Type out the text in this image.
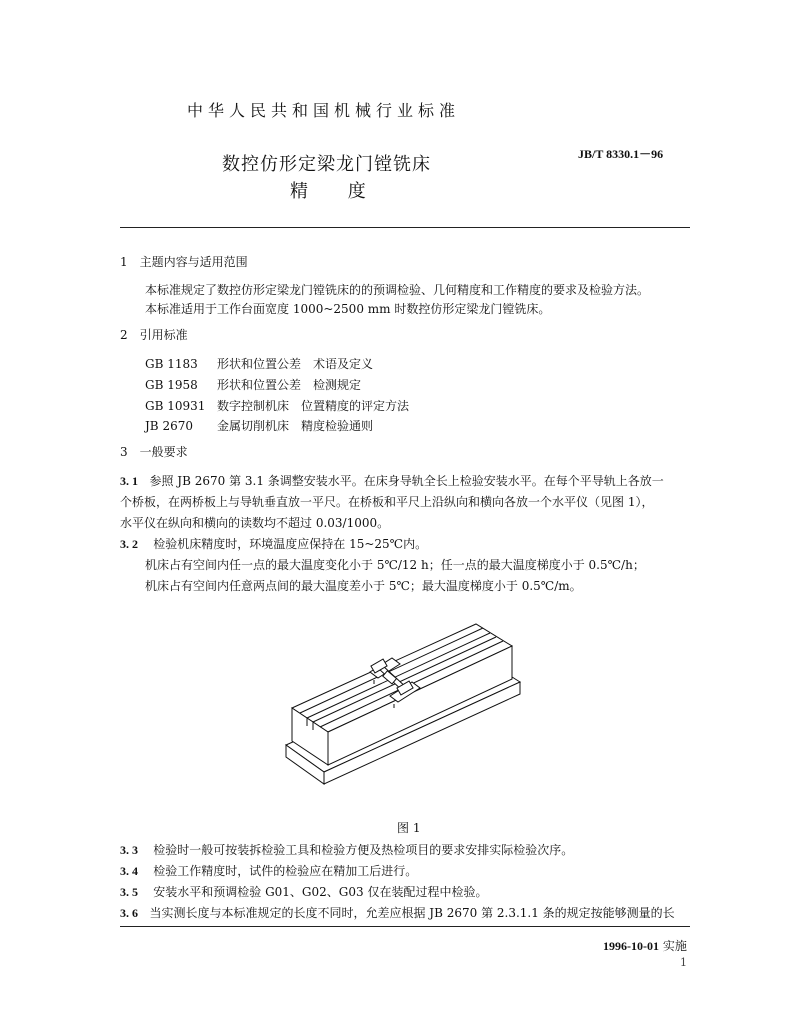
中华人民共和国机械行业标准
JB/T 8330.1－96
数控仿形定梁龙门镗铣床
精 度
1　主题内容与适用范围
本标准规定了数控仿形定梁龙门镗铣床的的预调检验、几何精度和工作精度的要求及检验方法。
本标准适用于工作台面宽度 1000~2500 mm 时数控仿形定梁龙门镗铣床。
2　引用标准
GB 1183 形状和位置公差　术语及定义
GB 1958 形状和位置公差　检测规定
GB 10931 数字控制机床　位置精度的评定方法
JB 2670 金属切削机床　精度检验通则
3　一般要求
3. 1 参照 JB 2670 第 3.1 条调整安装水平。在床身导轨全长上检验安装水平。在每个平导轨上各放一
个桥板，在两桥板上与导轨垂直放一平尺。在桥板和平尺上沿纵向和横向各放一个水平仪（见图 1），
水平仪在纵向和横向的读数均不超过 0.03/1000。
3. 2 检验机床精度时，环境温度应保持在 15~25℃内。
机床占有空间内任一点的最大温度变化小于 5℃/12 h；任一点的最大温度梯度小于 0.5℃/h；
机床占有空间内任意两点间的最大温度差小于 5℃；最大温度梯度小于 0.5℃/m。
图 1
3. 3 检验时一般可按装拆检验工具和检验方便及热检项目的要求安排实际检验次序。
3. 4 检验工作精度时，试件的检验应在精加工后进行。
3. 5 安装水平和预调检验 G01、G02、G03 仅在装配过程中检验。
3. 6 当实测长度与本标准规定的长度不同时，允差应根据 JB 2670 第 2.3.1.1 条的规定按能够测量的长
1996-10-01 实施
1
